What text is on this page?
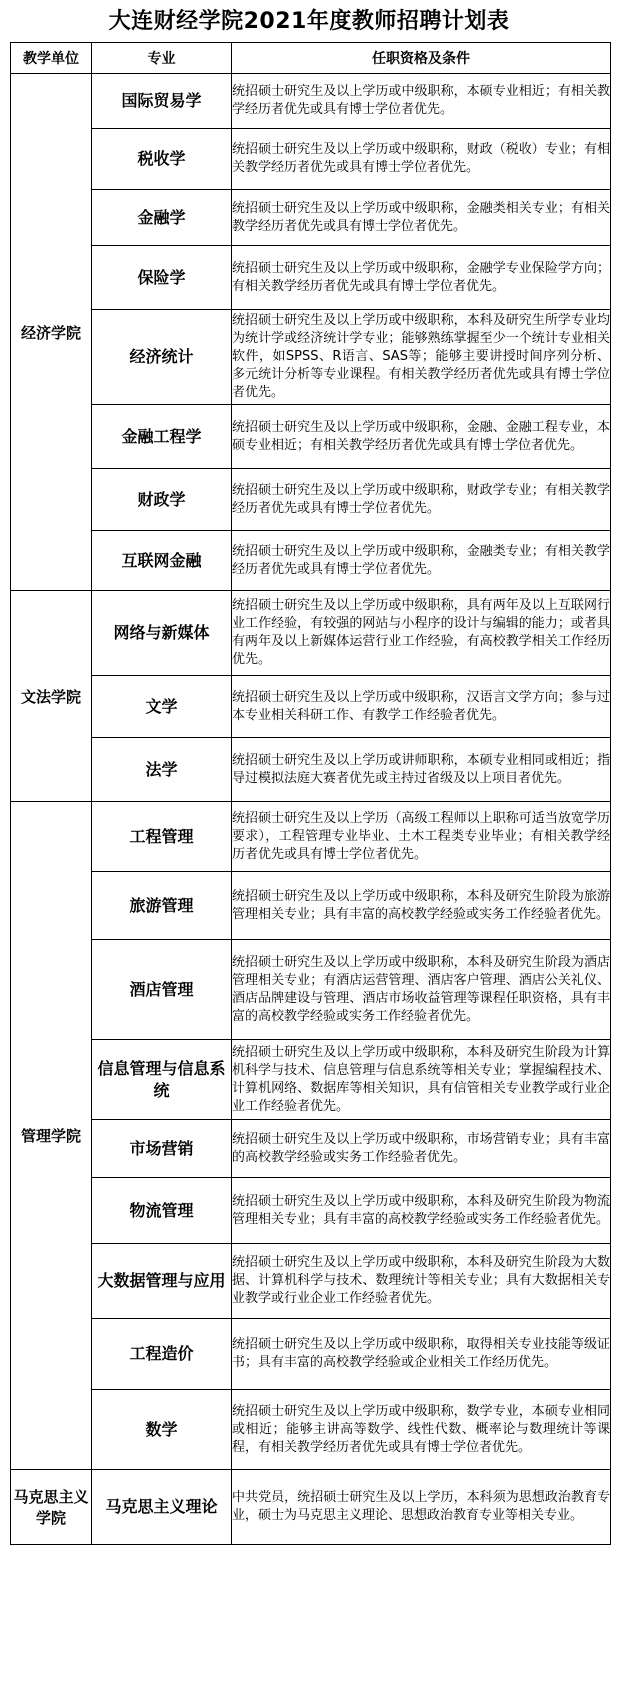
大连财经学院2021年度教师招聘计划表
教学单位	专业	任职资格及条件
经济学院	国际贸易学	统招硕士研究生及以上学历或中级职称，本硕专业相近；有相关教学经历者优先或具有博士学位者优先。
	税收学	统招硕士研究生及以上学历或中级职称，财政（税收）专业；有相关教学经历者优先或具有博士学位者优先。
	金融学	统招硕士研究生及以上学历或中级职称，金融类相关专业；有相关教学经历者优先或具有博士学位者优先。
	保险学	统招硕士研究生及以上学历或中级职称，金融学专业保险学方向；有相关教学经历者优先或具有博士学位者优先。
	经济统计	统招硕士研究生及以上学历或中级职称，本科及研究生所学专业均为统计学或经济统计学专业；能够熟练掌握至少一个统计专业相关软件，如SPSS、R语言、SAS等；能够主要讲授时间序列分析、多元统计分析等专业课程。有相关教学经历者优先或具有博士学位者优先。
	金融工程学	统招硕士研究生及以上学历或中级职称，金融、金融工程专业，本硕专业相近；有相关教学经历者优先或具有博士学位者优先。
	财政学	统招硕士研究生及以上学历或中级职称，财政学专业；有相关教学经历者优先或具有博士学位者优先。
	互联网金融	统招硕士研究生及以上学历或中级职称，金融类专业；有相关教学经历者优先或具有博士学位者优先。
文法学院	网络与新媒体	统招硕士研究生及以上学历或中级职称，具有两年及以上互联网行业工作经验，有较强的网站与小程序的设计与编辑的能力；或者具有两年及以上新媒体运营行业工作经验，有高校教学相关工作经历优先。
	文学	统招硕士研究生及以上学历或中级职称，汉语言文学方向；参与过本专业相关科研工作、有教学工作经验者优先。
	法学	统招硕士研究生及以上学历或讲师职称，本硕专业相同或相近；指导过模拟法庭大赛者优先或主持过省级及以上项目者优先。
管理学院	工程管理	统招硕士研究生及以上学历（高级工程师以上职称可适当放宽学历要求），工程管理专业毕业、土木工程类专业毕业；有相关教学经历者优先或具有博士学位者优先。
	旅游管理	统招硕士研究生及以上学历或中级职称，本科及研究生阶段为旅游管理相关专业；具有丰富的高校教学经验或实务工作经验者优先。
	酒店管理	统招硕士研究生及以上学历或中级职称，本科及研究生阶段为酒店管理相关专业；有酒店运营管理、酒店客户管理、酒店公关礼仪、酒店品牌建设与管理、酒店市场收益管理等课程任职资格，具有丰富的高校教学经验或实务工作经验者优先。
	信息管理与信息系统	统招硕士研究生及以上学历或中级职称，本科及研究生阶段为计算机科学与技术、信息管理与信息系统等相关专业；掌握编程技术、计算机网络、数据库等相关知识，具有信管相关专业教学或行业企业工作经验者优先。
	市场营销	统招硕士研究生及以上学历或中级职称，市场营销专业；具有丰富的高校教学经验或实务工作经验者优先。
	物流管理	统招硕士研究生及以上学历或中级职称，本科及研究生阶段为物流管理相关专业；具有丰富的高校教学经验或实务工作经验者优先。
	大数据管理与应用	统招硕士研究生及以上学历或中级职称，本科及研究生阶段为大数据、计算机科学与技术、数理统计等相关专业；具有大数据相关专业教学或行业企业工作经验者优先。
	工程造价	统招硕士研究生及以上学历或中级职称，取得相关专业技能等级证书；具有丰富的高校教学经验或企业相关工作经历优先。
	数学	统招硕士研究生及以上学历或中级职称，数学专业，本硕专业相同或相近；能够主讲高等数学、线性代数、概率论与数理统计等课程，有相关教学经历者优先或具有博士学位者优先。
马克思主义学院	马克思主义理论	中共党员，统招硕士研究生及以上学历，本科须为思想政治教育专业，硕士为马克思主义理论、思想政治教育专业等相关专业。
